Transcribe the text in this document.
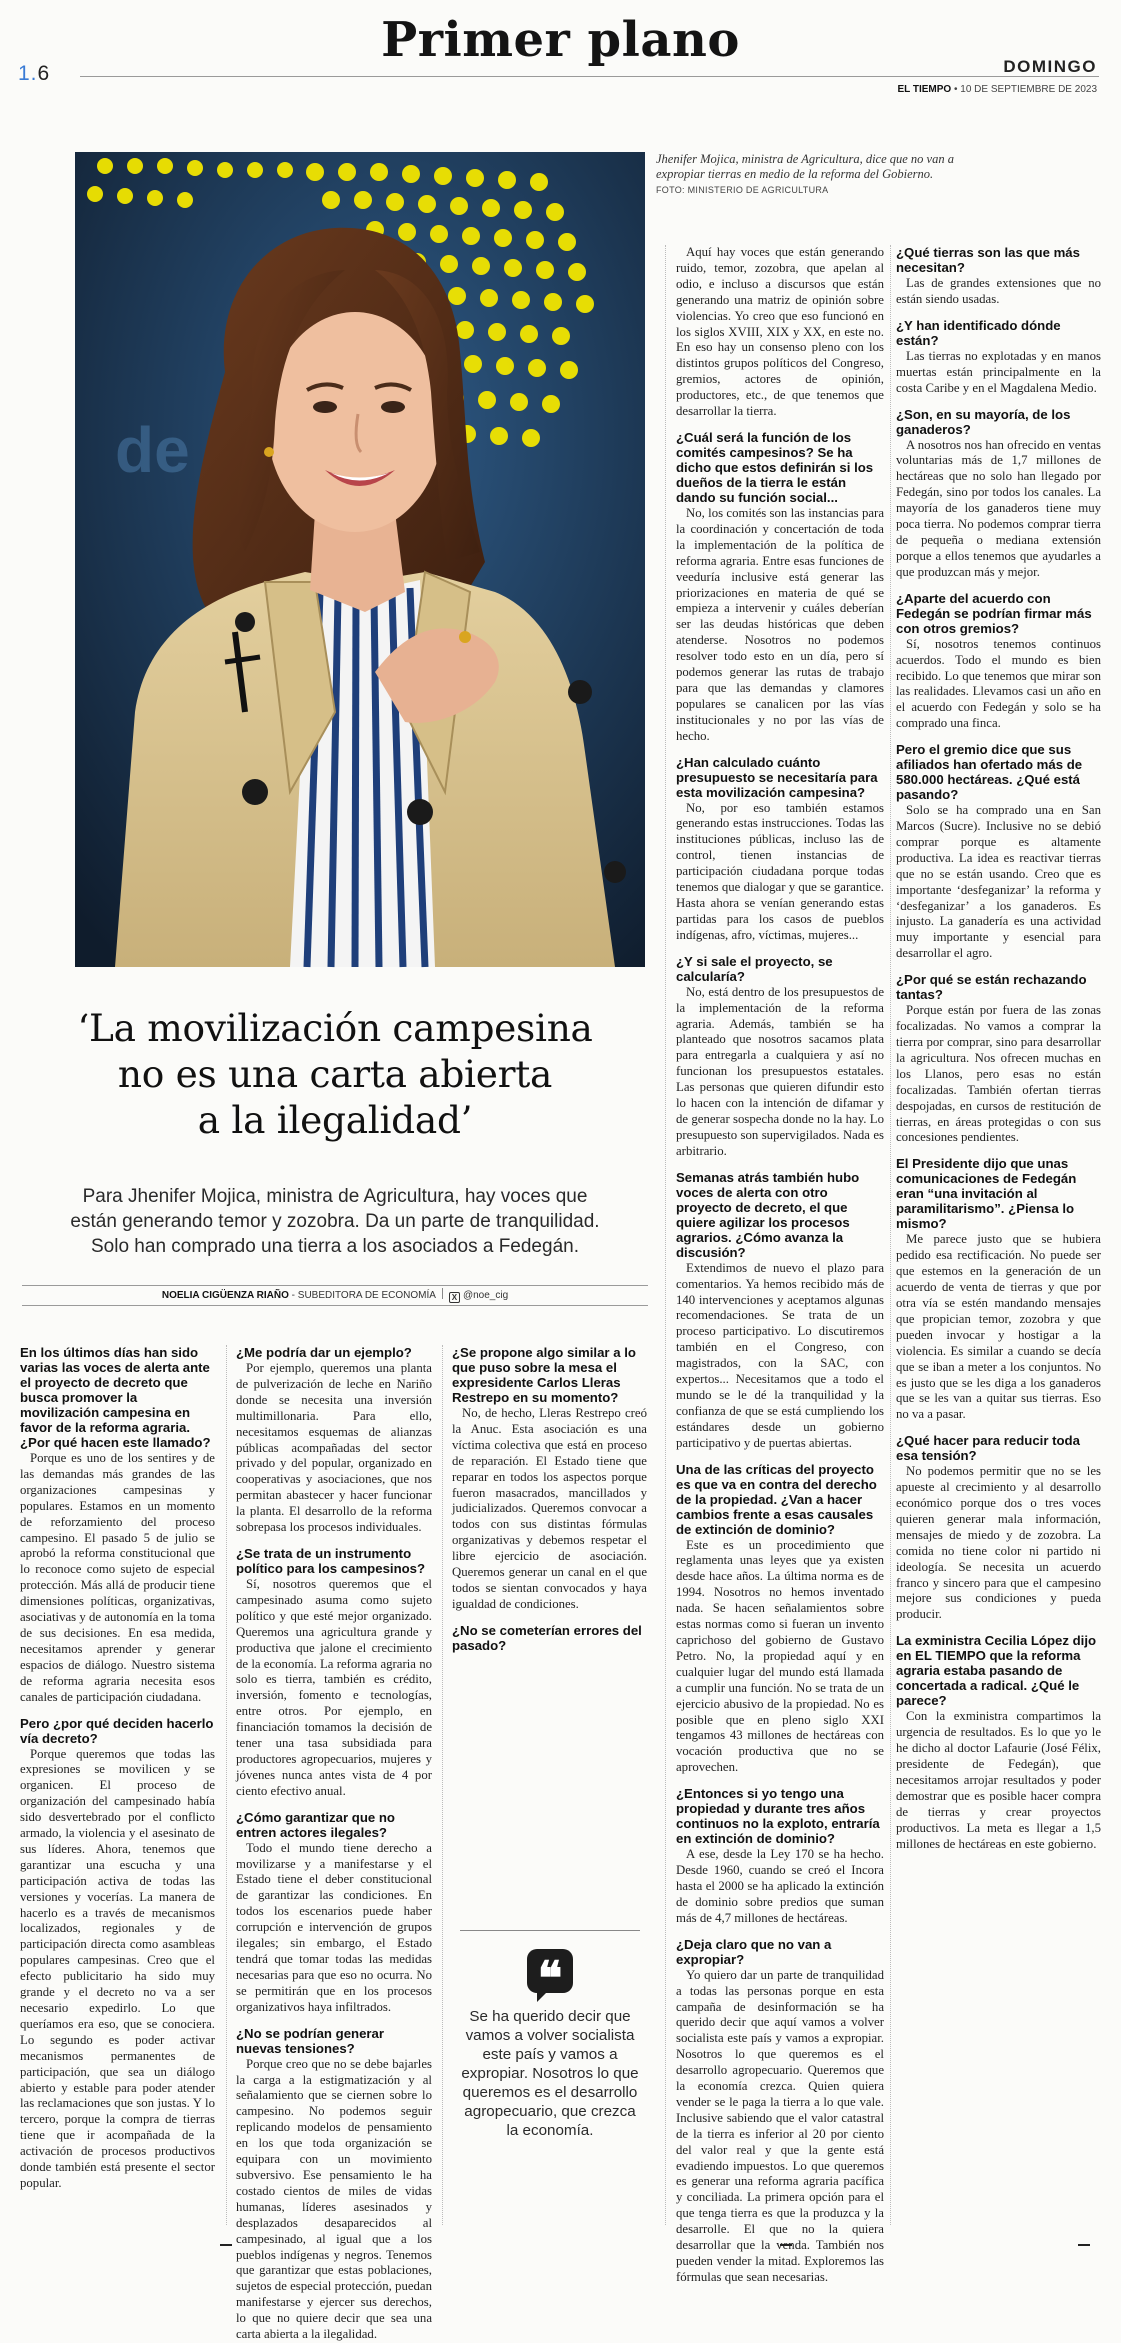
1.6
Primer plano	DOMINGO
EL TIEMPO • 10 DE SEPTIEMBRE DE 2023
de
Jhenifer Mojica, ministra de Agricultura, dice que no van a expropiar tierras en medio de la reforma del Gobierno. FOTO: MINISTERIO DE AGRICULTURA
‘La movilización campesina
no es una carta abierta
a la ilegalidad’
Para Jhenifer Mojica, ministra de Agricultura, hay voces que
están generando temor y zozobra. Da un parte de tranquilidad.
Solo han comprado una tierra a los asociados a Fedegán.
NOELIA CIGÜENZA RIAÑO - SUBEDITORA DE ECONOMÍA X @noe_cig
En los últimos días han sido varias las voces de alerta ante el proyecto de decreto que busca promover la movilización campesina en favor de la reforma agraria. ¿Por qué hacen este llamado?

Porque es uno de los sentires y de las demandas más grandes de las organizaciones campesinas y populares. Estamos en un momento de reforzamiento del proceso campesino. El pasado 5 de julio se aprobó la reforma constitucional que lo reconoce como sujeto de especial protección. Más allá de producir tiene dimensiones políticas, organizativas, asociativas y de autonomía en la toma de sus decisiones. En esa medida, necesitamos aprender y generar espacios de diálogo. Nuestro sistema de reforma agraria necesita esos canales de participación ciudadana.

Pero ¿por qué deciden hacerlo vía decreto?

Porque queremos que todas las expresiones se movilicen y se organicen. El proceso de organización del campesinado había sido desvertebrado por el conflicto armado, la violencia y el asesinato de sus líderes. Ahora, tenemos que garantizar una escucha y una participación activa de todas las versiones y vocerías. La manera de hacerlo es a través de mecanismos localizados, regionales y de participación directa como asambleas populares campesinas. Creo que el efecto publicitario ha sido muy grande y el decreto no va a ser necesario expedirlo. Lo que queríamos era eso, que se conociera. Lo segundo es poder activar mecanismos permanentes de participación, que sea un diálogo abierto y estable para poder atender las reclamaciones que son justas. Y lo tercero, porque la compra de tierras tiene que ir acompañada de la activación de procesos productivos donde también está presente el sector popular.

¿Me podría dar un ejemplo?

Por ejemplo, queremos una planta de pulverización de leche en Nariño donde se necesita una inversión multimillonaria. Para ello, necesitamos esquemas de alianzas públicas acompañadas del sector privado y del popular, organizado en cooperativas y asociaciones, que nos permitan abastecer y hacer funcionar la planta. El desarrollo de la reforma sobrepasa los procesos individuales.

¿Se trata de un instrumento político para los campesinos?

Sí, nosotros queremos que el campesinado asuma como sujeto político y que esté mejor organizado. Queremos una agricultura grande y productiva que jalone el crecimiento de la economía. La reforma agraria no solo es tierra, también es crédito, inversión, fomento e tecnologías, entre otros. Por ejemplo, en financiación tomamos la decisión de tener una tasa subsidiada para productores agropecuarios, mujeres y jóvenes nunca antes vista de 4 por ciento efectivo anual.

¿Cómo garantizar que no entren actores ilegales?

Todo el mundo tiene derecho a movilizarse y a manifestarse y el Estado tiene el deber constitucional de garantizar las condiciones. En todos los escenarios puede haber corrupción e intervención de grupos ilegales; sin embargo, el Estado tendrá que tomar todas las medidas necesarias para que eso no ocurra. No se permitirán que en los procesos organizativos haya infiltrados.

¿No se podrían generar nuevas tensiones?

Porque creo que no se debe bajarles la carga a la estigmatización y al señalamiento que se ciernen sobre lo campesino. No podemos seguir replicando modelos de pensamiento en los que toda organización se equipara con un movimiento subversivo. Ese pensamiento le ha costado cientos de miles de vidas humanas, líderes asesinados y desplazados desaparecidos al campesinado, al igual que a los pueblos indígenas y negros. Tenemos que garantizar que estas poblaciones, sujetos de especial protección, puedan manifestarse y ejercer sus derechos, lo que no quiere decir que sea una carta abierta a la ilegalidad.

¿Se propone algo similar a lo que puso sobre la mesa el expresidente Carlos Lleras Restrepo en su momento?

No, de hecho, Lleras Restrepo creó la Anuc. Esta asociación es una víctima colectiva que está en proceso de reparación. El Estado tiene que reparar en todos los aspectos porque fueron masacrados, mancillados y judicializados. Queremos convocar a todos con sus distintas fórmulas organizativas y debemos respetar el libre ejercicio de asociación. Queremos generar un canal en el que todos se sientan convocados y haya igualdad de condiciones.

¿No se cometerían errores del pasado?
❝
Se ha querido decir que vamos a volver socialista este país y vamos a expropiar. Nosotros lo que queremos es el desarrollo agropecuario, que crezca la economía.

Aquí hay voces que están generando ruido, temor, zozobra, que apelan al odio, e incluso a discursos que están generando una matriz de opinión sobre violencias. Yo creo que eso funcionó en los siglos XVIII, XIX y XX, en este no. En eso hay un consenso pleno con los distintos grupos políticos del Congreso, gremios, actores de opinión, productores, etc., de que tenemos que desarrollar la tierra.

¿Cuál será la función de los comités campesinos? Se ha dicho que estos definirán si los dueños de la tierra le están dando su función social...

No, los comités son las instancias para la coordinación y concertación de toda la implementación de la política de reforma agraria. Entre esas funciones de veeduría inclusive está generar las priorizaciones en materia de qué se empieza a intervenir y cuáles deberían ser las deudas históricas que deben atenderse. Nosotros no podemos resolver todo esto en un día, pero sí podemos generar las rutas de trabajo para que las demandas y clamores populares se canalicen por las vías institucionales y no por las vías de hecho.

¿Han calculado cuánto presupuesto se necesitaría para esta movilización campesina?

No, por eso también estamos generando estas instrucciones. Todas las instituciones públicas, incluso las de control, tienen instancias de participación ciudadana porque todas tenemos que dialogar y que se garantice. Hasta ahora se venían generando estas partidas para los casos de pueblos indígenas, afro, víctimas, mujeres...

¿Y si sale el proyecto, se calcularía?

No, está dentro de los presupuestos de la implementación de la reforma agraria. Además, también se ha planteado que nosotros sacamos plata para entregarla a cualquiera y así no funcionan los presupuestos estatales. Las personas que quieren difundir esto lo hacen con la intención de difamar y de generar sospecha donde no la hay. Lo presupuesto son supervigilados. Nada es arbitrario.

Semanas atrás también hubo voces de alerta con otro proyecto de decreto, el que quiere agilizar los procesos agrarios. ¿Cómo avanza la discusión?

Extendimos de nuevo el plazo para comentarios. Ya hemos recibido más de 140 intervenciones y aceptamos algunas recomendaciones. Se trata de un proceso participativo. Lo discutiremos también en el Congreso, con magistrados, con la SAC, con expertos... Necesitamos que a todo el mundo se le dé la tranquilidad y la confianza de que se está cumpliendo los estándares desde un gobierno participativo y de puertas abiertas.

Una de las críticas del proyecto es que va en contra del derecho de la propiedad. ¿Van a hacer cambios frente a esas causales de extinción de dominio?

Este es un procedimiento que reglamenta unas leyes que ya existen desde hace años. La última norma es de 1994. Nosotros no hemos inventado nada. Se hacen señalamientos sobre estas normas como si fueran un invento caprichoso del gobierno de Gustavo Petro. No, la propiedad aquí y en cualquier lugar del mundo está llamada a cumplir una función. No se trata de un ejercicio abusivo de la propiedad. No es posible que en pleno siglo XXI tengamos 43 millones de hectáreas con vocación productiva que no se aprovechen.

¿Entonces si yo tengo una propiedad y durante tres años continuos no la exploto, entraría en extinción de dominio?

A ese, desde la Ley 170 se ha hecho. Desde 1960, cuando se creó el Incora hasta el 2000 se ha aplicado la extinción de dominio sobre predios que suman más de 4,7 millones de hectáreas.

¿Deja claro que no van a expropiar?

Yo quiero dar un parte de tranquilidad a todas las personas porque en esta campaña de desinformación se ha querido decir que aquí vamos a volver socialista este país y vamos a expropiar. Nosotros lo que queremos es el desarrollo agropecuario. Queremos que la economía crezca. Quien quiera vender se le paga la tierra a lo que vale. Inclusive sabiendo que el valor catastral de la tierra es inferior al 20 por ciento del valor real y que la gente está evadiendo impuestos. Lo que queremos es generar una reforma agraria pacífica y conciliada. La primera opción para el que tenga tierra es que la produzca y la desarrolle. El que no la quiera desarrollar que la venda. También nos pueden vender la mitad. Exploremos las fórmulas que sean necesarias.

¿Qué tierras son las que más necesitan?

Las de grandes extensiones que no están siendo usadas.

¿Y han identificado dónde están?

Las tierras no explotadas y en manos muertas están principalmente en la costa Caribe y en el Magdalena Medio.

¿Son, en su mayoría, de los ganaderos?

A nosotros nos han ofrecido en ventas voluntarias más de 1,7 millones de hectáreas que no solo han llegado por Fedegán, sino por todos los canales. La mayoría de los ganaderos tiene muy poca tierra. No podemos comprar tierra de pequeña o mediana extensión porque a ellos tenemos que ayudarles a que produzcan más y mejor.

¿Aparte del acuerdo con Fedegán se podrían firmar más con otros gremios?

Sí, nosotros tenemos continuos acuerdos. Todo el mundo es bien recibido. Lo que tenemos que mirar son las realidades. Llevamos casi un año en el acuerdo con Fedegán y solo se ha comprado una finca.

Pero el gremio dice que sus afiliados han ofertado más de 580.000 hectáreas. ¿Qué está pasando?

Solo se ha comprado una en San Marcos (Sucre). Inclusive no se debió comprar porque es altamente productiva. La idea es reactivar tierras que no se están usando. Creo que es importante ‘desfeganizar’ la reforma y ‘desfeganizar’ a los ganaderos. Es injusto. La ganadería es una actividad muy importante y esencial para desarrollar el agro.

¿Por qué se están rechazando tantas?

Porque están por fuera de las zonas focalizadas. No vamos a comprar la tierra por comprar, sino para desarrollar la agricultura. Nos ofrecen muchas en los Llanos, pero esas no están focalizadas. También ofertan tierras despojadas, en cursos de restitución de tierras, en áreas protegidas o con sus concesiones pendientes.

El Presidente dijo que unas comunicaciones de Fedegán eran “una invitación al paramilitarismo”. ¿Piensa lo mismo?

Me parece justo que se hubiera pedido esa rectificación. No puede ser que estemos en la generación de un acuerdo de venta de tierras y que por otra vía se estén mandando mensajes que propician temor, zozobra y que pueden invocar y hostigar a la violencia. Es similar a cuando se decía que se iban a meter a los conjuntos. No es justo que se les diga a los ganaderos que se les van a quitar sus tierras. Eso no va a pasar.

¿Qué hacer para reducir toda esa tensión?

No podemos permitir que no se les apueste al crecimiento y al desarrollo económico porque dos o tres voces quieren generar mala información, mensajes de miedo y de zozobra. La comida no tiene color ni partido ni ideología. Se necesita un acuerdo franco y sincero para que el campesino mejore sus condiciones y pueda producir.

La exministra Cecilia López dijo en EL TIEMPO que la reforma agraria estaba pasando de concertada a radical. ¿Qué le parece?

Con la exministra compartimos la urgencia de resultados. Es lo que yo le he dicho al doctor Lafaurie (José Félix, presidente de Fedegán), que necesitamos arrojar resultados y poder demostrar que es posible hacer compra de tierras y crear proyectos productivos. La meta es llegar a 1,5 millones de hectáreas en este gobierno.
